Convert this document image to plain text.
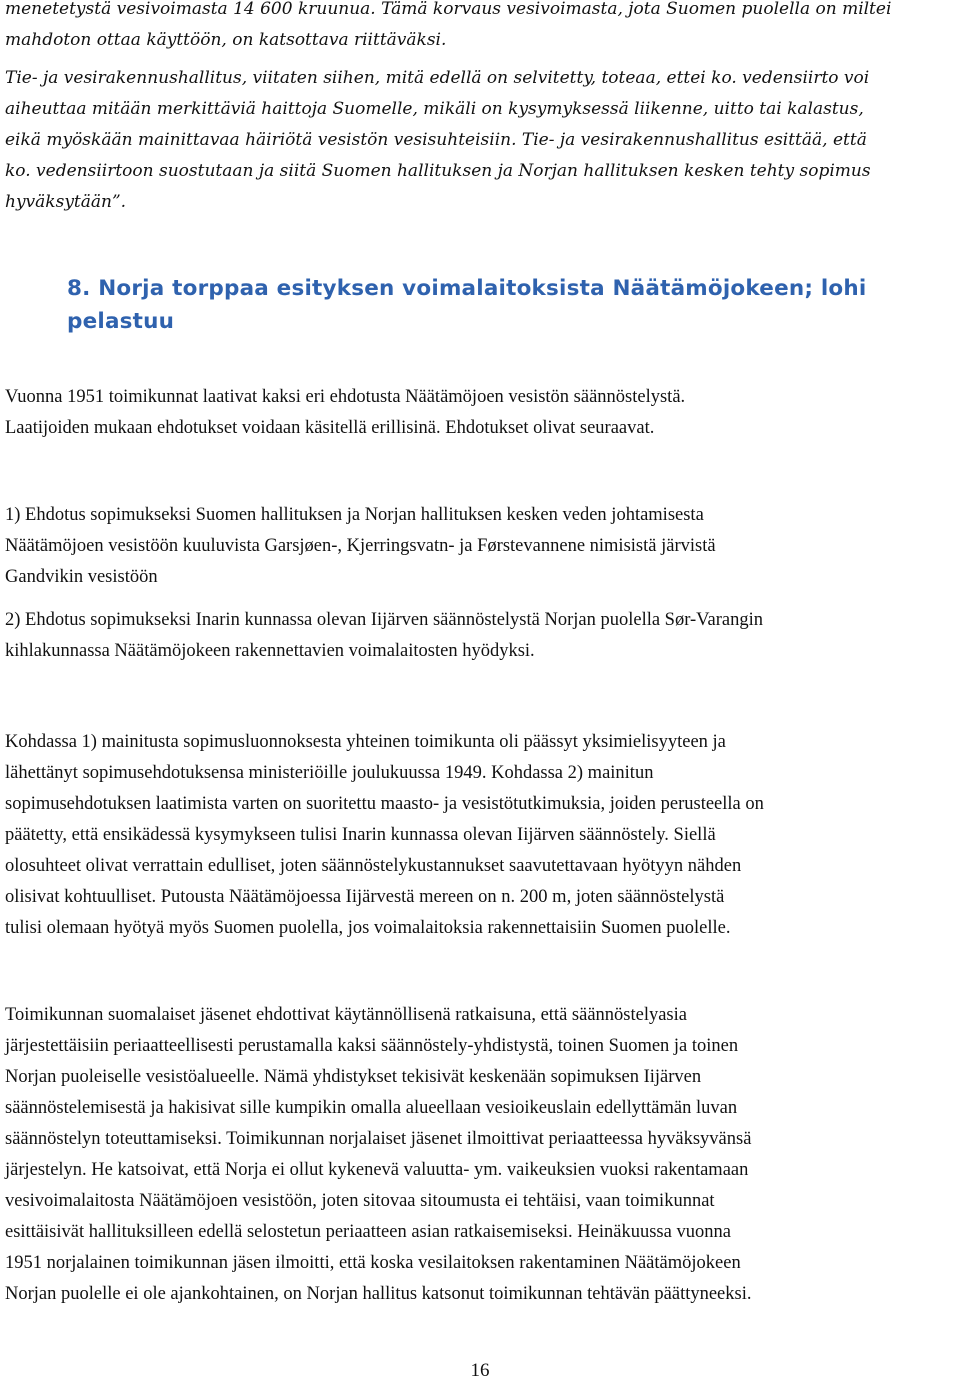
menetetystä vesivoimasta 14 600 kruunua. Tämä korvaus vesivoimasta, jota Suomen puolella on miltei
mahdoton ottaa käyttöön, on katsottava riittäväksi.

Tie- ja vesirakennushallitus, viitaten siihen, mitä edellä on selvitetty, toteaa, ettei ko. vedensiirto voi
aiheuttaa mitään merkittäviä haittoja Suomelle, mikäli on kysymyksessä liikenne, uitto tai kalastus,
eikä myöskään mainittavaa häiriötä vesistön vesisuhteisiin. Tie- ja vesirakennushallitus esittää, että
ko. vedensiirtoon suostutaan ja siitä Suomen hallituksen ja Norjan hallituksen kesken tehty sopimus
hyväksytään”.

8. Norja torppaa esityksen voimalaitoksista Näätämöjokeen; lohi
pelastuu

Vuonna 1951 toimikunnat laativat kaksi eri ehdotusta Näätämöjoen vesistön säännöstelystä.
Laatijoiden mukaan ehdotukset voidaan käsitellä erillisinä. Ehdotukset olivat seuraavat.

1) Ehdotus sopimukseksi Suomen hallituksen ja Norjan hallituksen kesken veden johtamisesta
Näätämöjoen vesistöön kuuluvista Garsjøen-, Kjerringsvatn- ja Førstevannene nimisistä järvistä
Gandvikin vesistöön

2) Ehdotus sopimukseksi Inarin kunnassa olevan Iijärven säännöstelystä Norjan puolella Sør-Varangin
kihlakunnassa Näätämöjokeen rakennettavien voimalaitosten hyödyksi.

Kohdassa 1) mainitusta sopimusluonnoksesta yhteinen toimikunta oli päässyt yksimielisyyteen ja
lähettänyt sopimusehdotuksensa ministeriöille joulukuussa 1949. Kohdassa 2) mainitun
sopimusehdotuksen laatimista varten on suoritettu maasto- ja vesistötutkimuksia, joiden perusteella on
päätetty, että ensikädessä kysymykseen tulisi Inarin kunnassa olevan Iijärven säännöstely. Siellä
olosuhteet olivat verrattain edulliset, joten säännöstelykustannukset saavutettavaan hyötyyn nähden
olisivat kohtuulliset. Putousta Näätämöjoessa Iijärvestä mereen on n. 200 m, joten säännöstelystä
tulisi olemaan hyötyä myös Suomen puolella, jos voimalaitoksia rakennettaisiin Suomen puolelle.

Toimikunnan suomalaiset jäsenet ehdottivat käytännöllisenä ratkaisuna, että säännöstelyasia
järjestettäisiin periaatteellisesti perustamalla kaksi säännöstely-yhdistystä, toinen Suomen ja toinen
Norjan puoleiselle vesistöalueelle. Nämä yhdistykset tekisivät keskenään sopimuksen Iijärven
säännöstelemisestä ja hakisivat sille kumpikin omalla alueellaan vesioikeuslain edellyttämän luvan
säännöstelyn toteuttamiseksi. Toimikunnan norjalaiset jäsenet ilmoittivat periaatteessa hyväksyvänsä
järjestelyn. He katsoivat, että Norja ei ollut kykenevä valuutta- ym. vaikeuksien vuoksi rakentamaan
vesivoimalaitosta Näätämöjoen vesistöön, joten sitovaa sitoumusta ei tehtäisi, vaan toimikunnat
esittäisivät hallituksilleen edellä selostetun periaatteen asian ratkaisemiseksi. Heinäkuussa vuonna
1951 norjalainen toimikunnan jäsen ilmoitti, että koska vesilaitoksen rakentaminen Näätämöjokeen
Norjan puolelle ei ole ajankohtainen, on Norjan hallitus katsonut toimikunnan tehtävän päättyneeksi.

16
